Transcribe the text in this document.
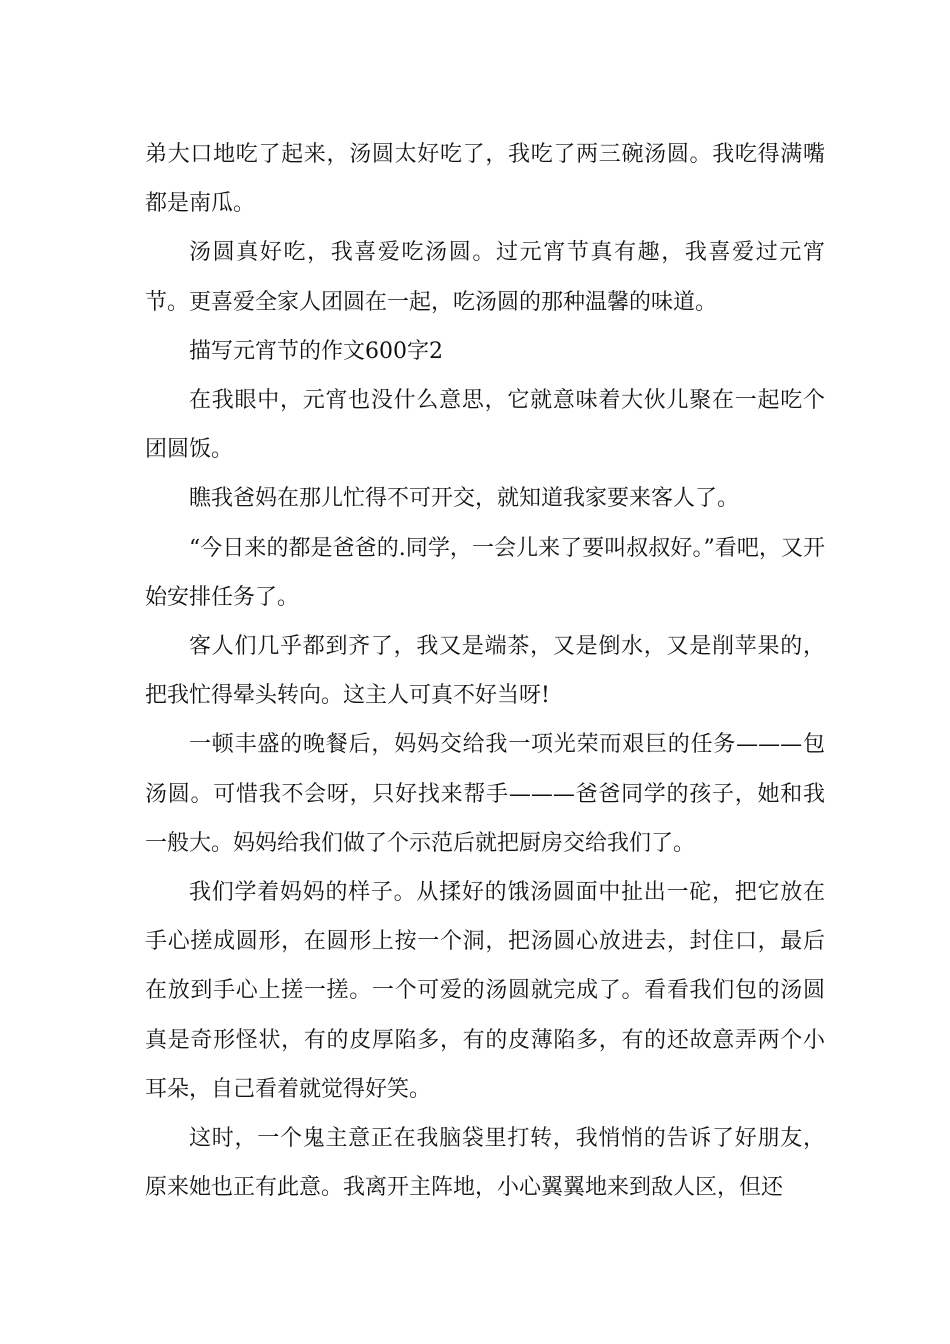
弟大口地吃了起来，汤圆太好吃了，我吃了两三碗汤圆。我吃得满嘴都是南瓜。

汤圆真好吃，我喜爱吃汤圆。过元宵节真有趣，我喜爱过元宵节。更喜爱全家人团圆在一起，吃汤圆的那种温馨的味道。

描写元宵节的作文600字2

在我眼中，元宵也没什么意思，它就意味着大伙儿聚在一起吃个团圆饭。

瞧我爸妈在那儿忙得不可开交，就知道我家要来客人了。

“今日来的都是爸爸的.同学，一会儿来了要叫叔叔好。”看吧，又开始安排任务了。

客人们几乎都到齐了，我又是端茶，又是倒水，又是削苹果的，把我忙得晕头转向。这主人可真不好当呀!

一顿丰盛的晚餐后，妈妈交给我一项光荣而艰巨的任务———包汤圆。可惜我不会呀，只好找来帮手———爸爸同学的孩子，她和我一般大。妈妈给我们做了个示范后就把厨房交给我们了。

我们学着妈妈的样子。从揉好的饿汤圆面中扯出一砣，把它放在手心搓成圆形，在圆形上按一个洞，把汤圆心放进去，封住口，最后在放到手心上搓一搓。一个可爱的汤圆就完成了。看看我们包的汤圆真是奇形怪状，有的皮厚陷多，有的皮薄陷多，有的还故意弄两个小耳朵，自己看着就觉得好笑。

这时，一个鬼主意正在我脑袋里打转，我悄悄的告诉了好朋友，原来她也正有此意。我离开主阵地，小心翼翼地来到敌人区，但还
